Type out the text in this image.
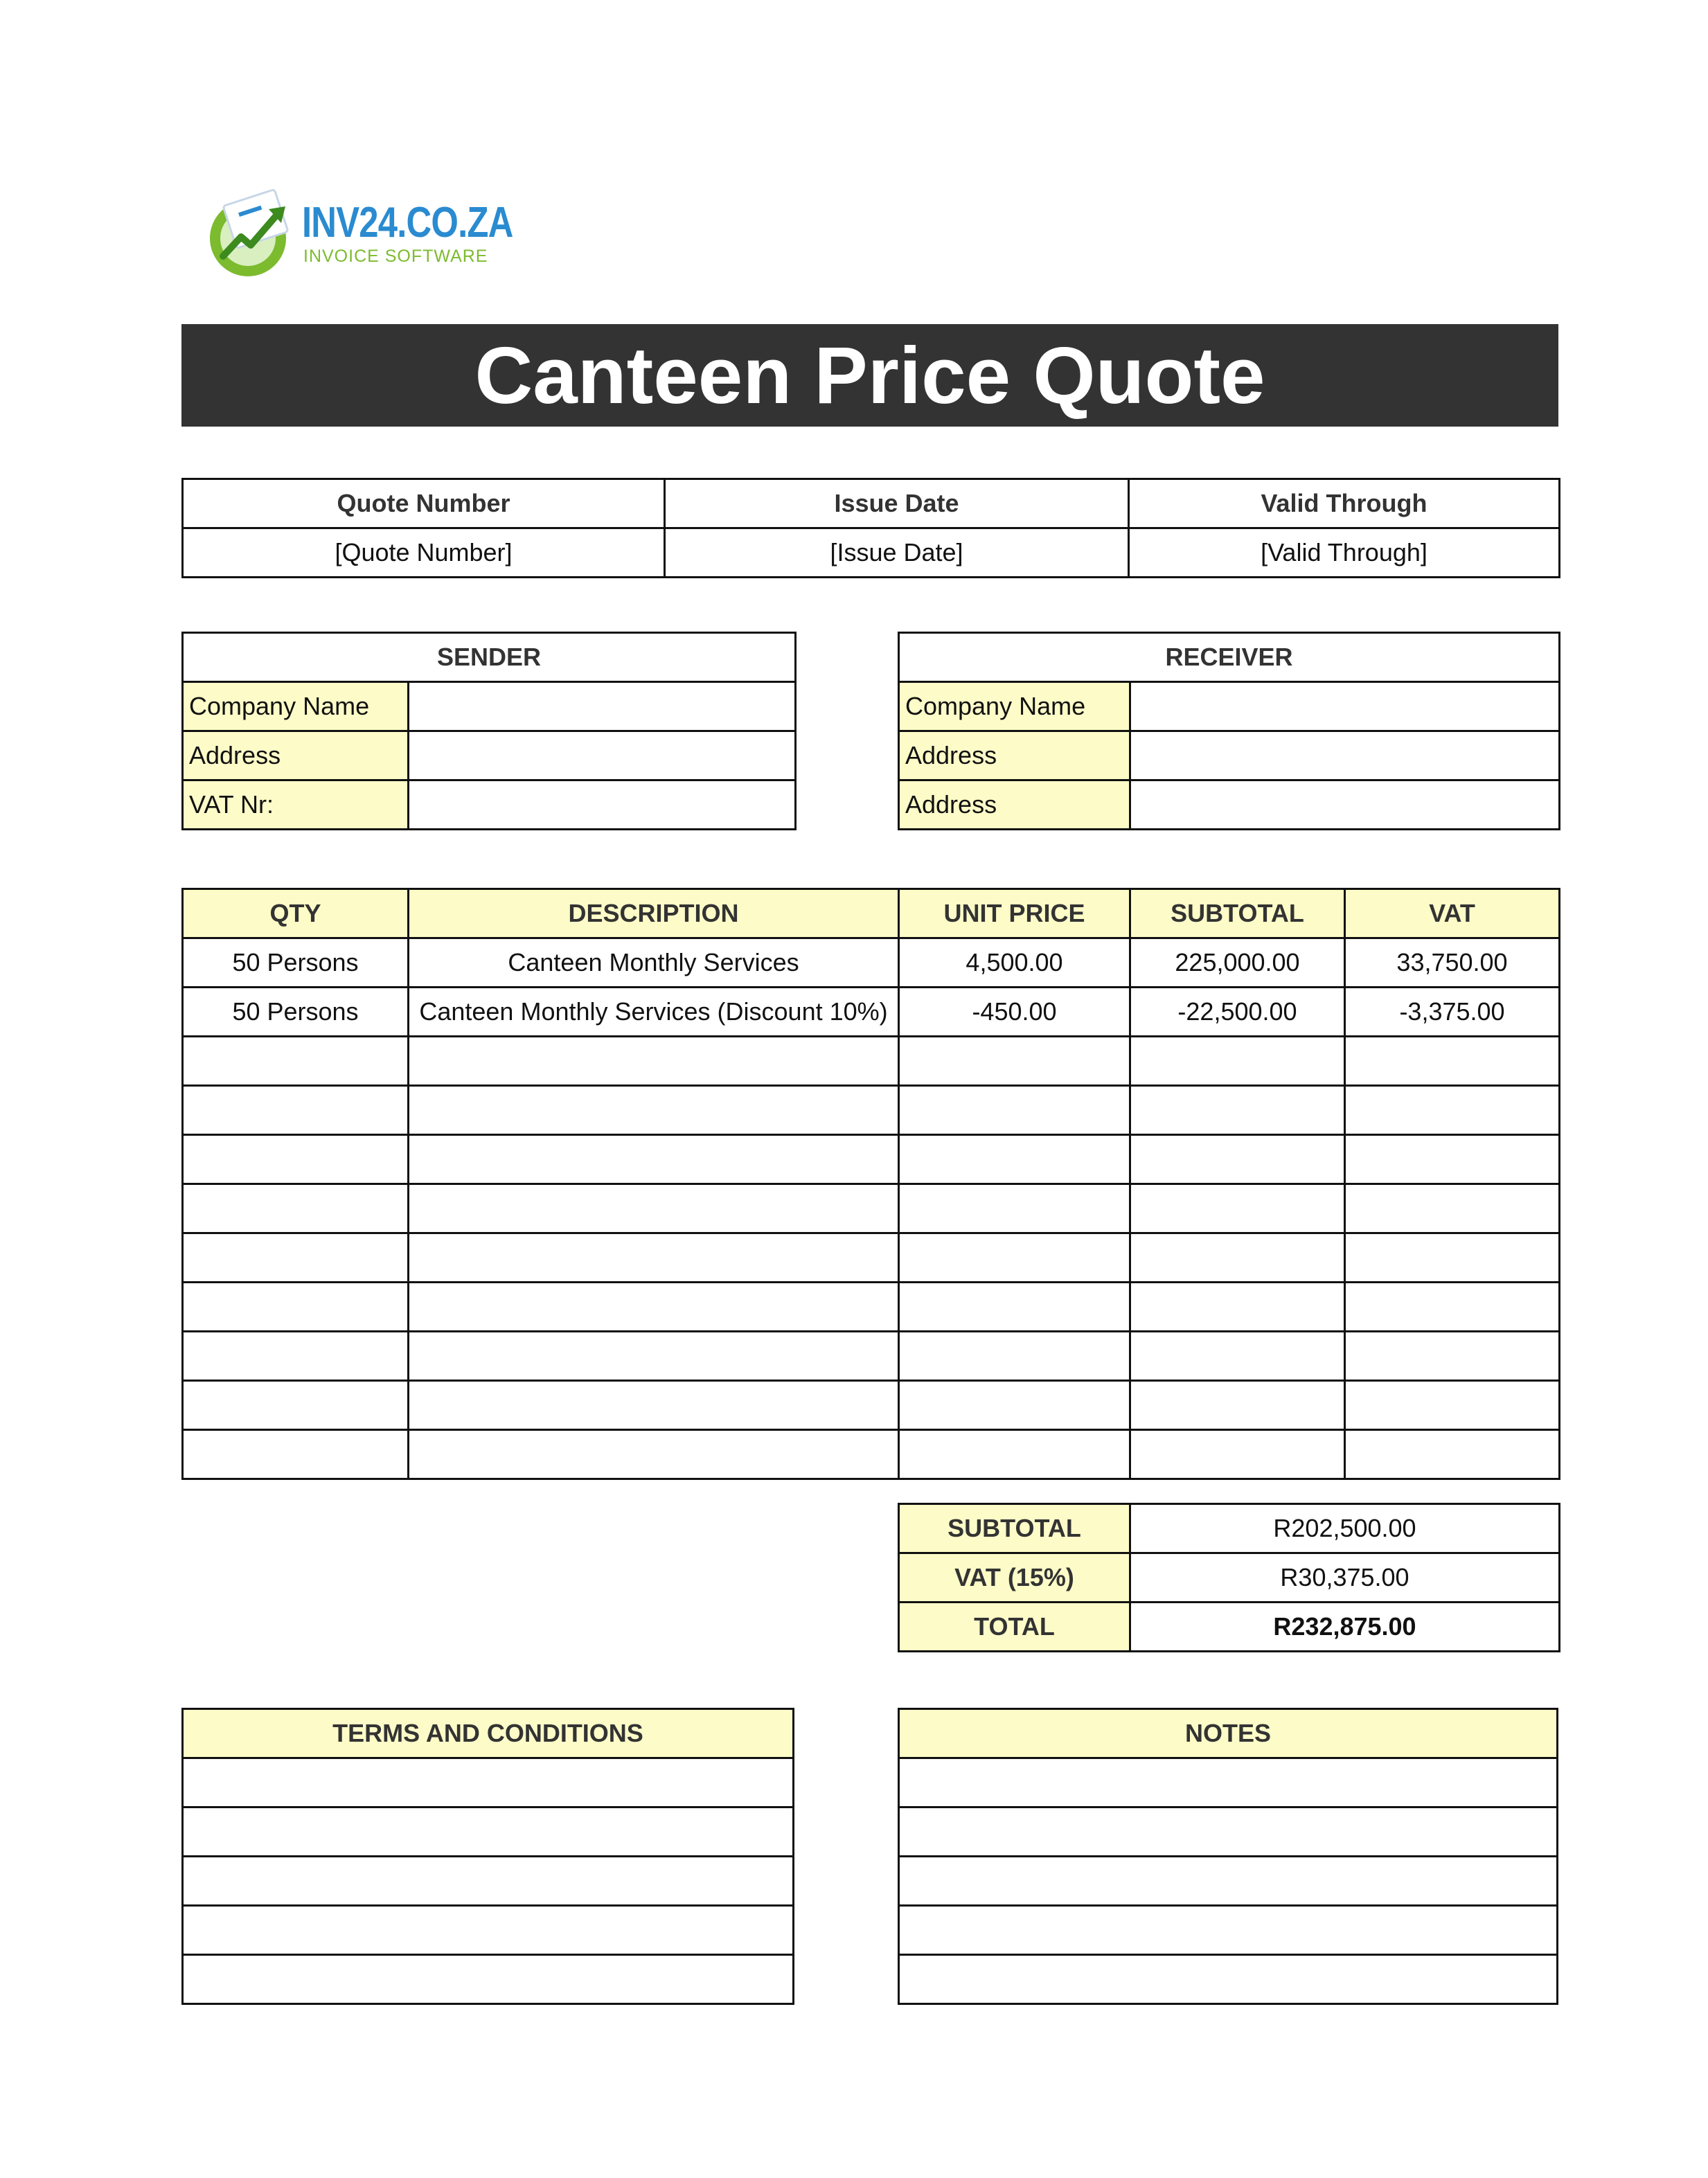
INV24.CO.ZA
INVOICE SOFTWARE
Canteen Price Quote
Quote Number	Issue Date	Valid Through
[Quote Number]	[Issue Date]	[Valid Through]
SENDER	
Company Name	
Address	
VAT Nr:	
RECEIVER	
Company Name	
Address	
Address	
QTY	DESCRIPTION	UNIT PRICE	SUBTOTAL	VAT
50 Persons	Canteen Monthly Services	4,500.00	225,000.00	33,750.00
50 Persons	Canteen Monthly Services (Discount 10%)	-450.00	-22,500.00	-3,375.00

SUBTOTAL	R202,500.00
VAT (15%)	R30,375.00
TOTAL	R232,875.00
TERMS AND CONDITIONS	NOTES
